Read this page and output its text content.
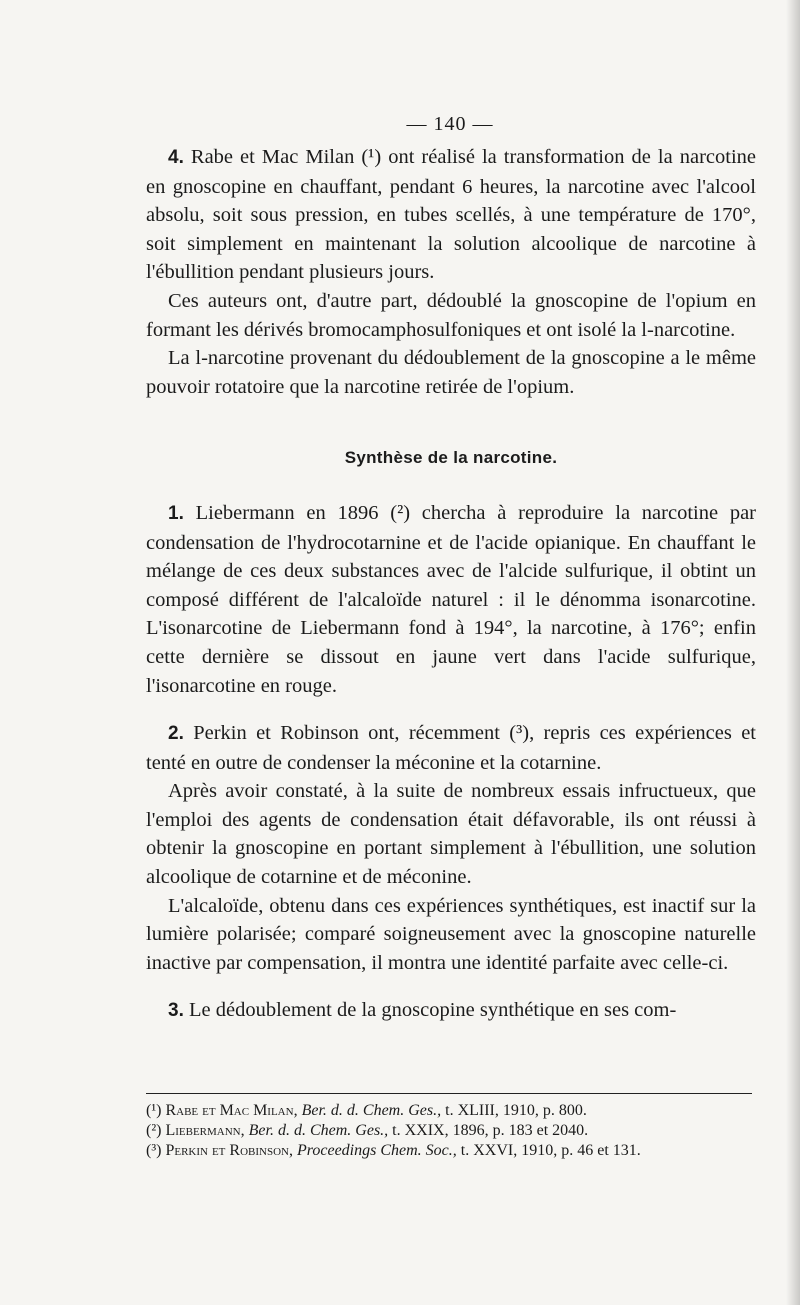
— 140 —

4. Rabe et Mac Milan (¹) ont réalisé la transformation de la narcotine en gnoscopine en chauffant, pendant 6 heures, la narcotine avec l'alcool absolu, soit sous pression, en tubes scellés, à une température de 170°, soit simplement en maintenant la solution alcoolique de narcotine à l'ébullition pendant plusieurs jours.

Ces auteurs ont, d'autre part, dédoublé la gnoscopine de l'opium en formant les dérivés bromocamphosulfoniques et ont isolé la l-narcotine.

La l-narcotine provenant du dédoublement de la gnoscopine a le même pouvoir rotatoire que la narcotine retirée de l'opium.

Synthèse de la narcotine.

1. Liebermann en 1896 (²) chercha à reproduire la narcotine par condensation de l'hydrocotarnine et de l'acide opianique. En chauffant le mélange de ces deux substances avec de l'alcide sulfurique, il obtint un composé différent de l'alcaloïde naturel : il le dénomma isonarcotine. L'isonarcotine de Liebermann fond à 194°, la narcotine, à 176°; enfin cette dernière se dissout en jaune vert dans l'acide sulfurique, l'isonarcotine en rouge.

2. Perkin et Robinson ont, récemment (³), repris ces expériences et tenté en outre de condenser la méconine et la cotarnine.

Après avoir constaté, à la suite de nombreux essais infructueux, que l'emploi des agents de condensation était défavorable, ils ont réussi à obtenir la gnoscopine en portant simplement à l'ébullition, une solution alcoolique de cotarnine et de méconine.

L'alcaloïde, obtenu dans ces expériences synthétiques, est inactif sur la lumière polarisée; comparé soigneusement avec la gnoscopine naturelle inactive par compensation, il montra une identité parfaite avec celle-ci.

3. Le dédoublement de la gnoscopine synthétique en ses com-

(¹) Rabe et Mac Milan, Ber. d. d. Chem. Ges., t. XLIII, 1910, p. 800.

(²) Liebermann, Ber. d. d. Chem. Ges., t. XXIX, 1896, p. 183 et 2040.

(³) Perkin et Robinson, Proceedings Chem. Soc., t. XXVI, 1910, p. 46 et 131.
